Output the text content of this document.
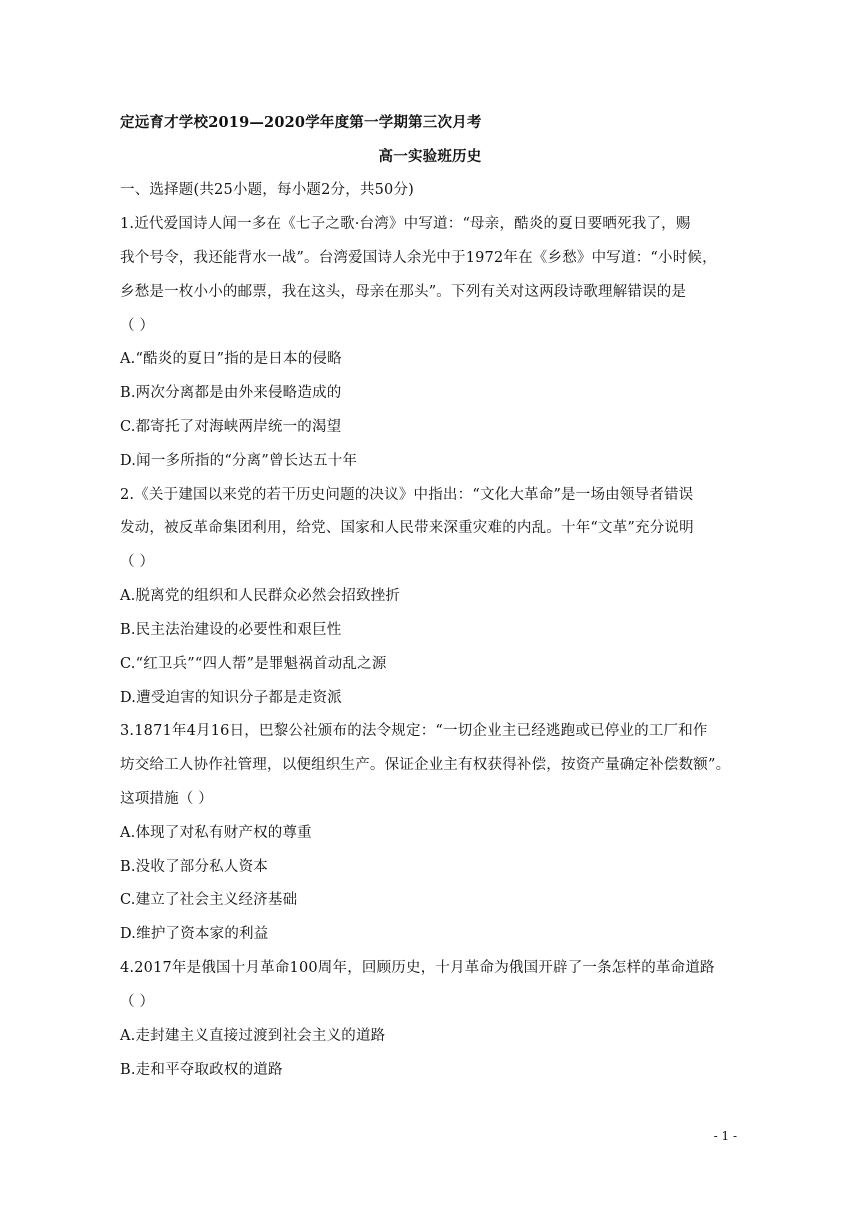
定远育才学校2019—2020学年度第一学期第三次月考
高一实验班历史
一、选择题(共25小题，每小题2分，共50分)
1.近代爱国诗人闻一多在《七子之歌·台湾》中写道：“母亲，酷炎的夏日要晒死我了，赐
我个号令，我还能背水一战”。台湾爱国诗人余光中于1972年在《乡愁》中写道：“小时候，
乡愁是一枚小小的邮票，我在这头，母亲在那头”。下列有关对这两段诗歌理解错误的是
（ ）
A.“酷炎的夏日”指的是日本的侵略
B.两次分离都是由外来侵略造成的
C.都寄托了对海峡两岸统一的渴望
D.闻一多所指的“分离”曾长达五十年
2.《关于建国以来党的若干历史问题的决议》中指出：“文化大革命”是一场由领导者错误
发动，被反革命集团利用，给党、国家和人民带来深重灾难的内乱。十年“文革”充分说明
（ ）
A.脱离党的组织和人民群众必然会招致挫折
B.民主法治建设的必要性和艰巨性
C.“红卫兵”“四人帮”是罪魁祸首动乱之源
D.遭受迫害的知识分子都是走资派
3.1871年4月16日，巴黎公社颁布的法令规定：“一切企业主已经逃跑或已停业的工厂和作
坊交给工人协作社管理，以便组织生产。保证企业主有权获得补偿，按资产量确定补偿数额”。
这项措施（ ）
A.体现了对私有财产权的尊重
B.没收了部分私人资本
C.建立了社会主义经济基础
D.维护了资本家的利益
4.2017年是俄国十月革命100周年，回顾历史，十月革命为俄国开辟了一条怎样的革命道路
（ ）
A.走封建主义直接过渡到社会主义的道路
B.走和平夺取政权的道路
- 1 -
